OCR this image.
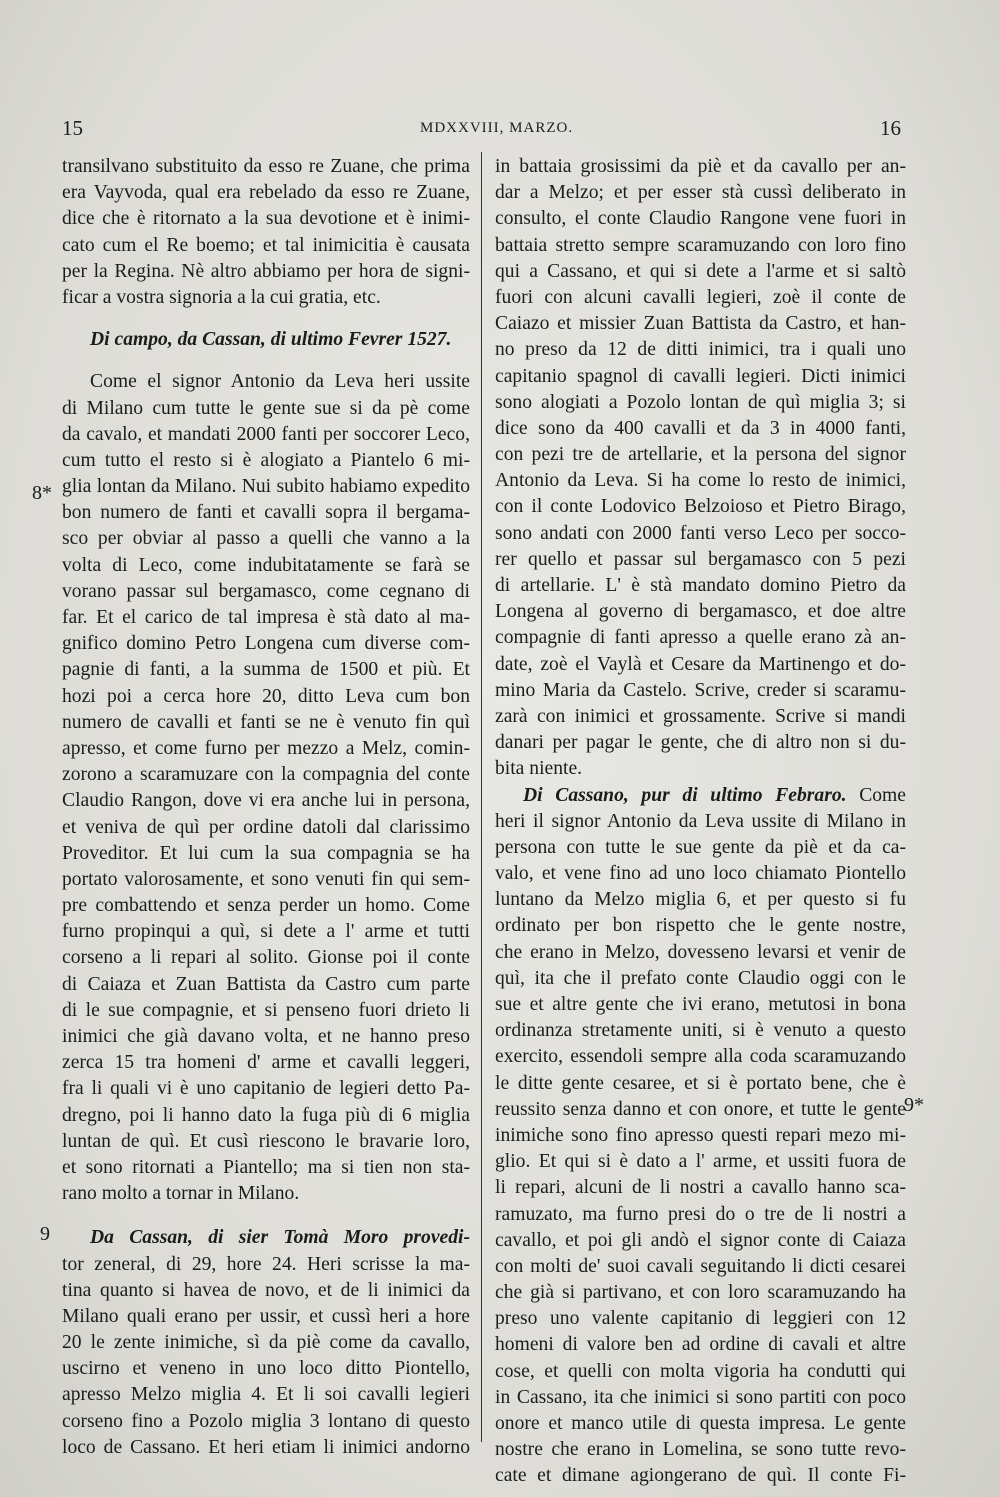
15	MDXXVIII, MARZO.	16
transilvano substituito da esso re Zuane, che prima
era Vayvoda, qual era rebelado da esso re Zuane,
dice che è ritornato a la sua devotione et è inimi-
cato cum el Re boemo; et tal inimicitia è causata
per la Regina. Nè altro abbiamo per hora de signi-
ficar a vostra signoria a la cui gratia, etc.
Di campo, da Cassan, di ultimo Fevrer 1527.
Come el signor Antonio da Leva heri ussite
di Milano cum tutte le gente sue si da pè come
da cavalo, et mandati 2000 fanti per soccorer Leco,
cum tutto el resto si è alogiato a Piantelo 6 mi-
glia lontan da Milano. Nui subito habiamo expedito
bon numero de fanti et cavalli sopra il bergama-
sco per obviar al passo a quelli che vanno a la
volta di Leco, come indubitatamente se farà se
vorano passar sul bergamasco, come cegnano di
far. Et el carico de tal impresa è stà dato al ma-
gnifico domino Petro Longena cum diverse com-
pagnie di fanti, a la summa de 1500 et più. Et
hozi poi a cerca hore 20, ditto Leva cum bon
numero de cavalli et fanti se ne è venuto fin quì
apresso, et come furno per mezzo a Melz, comin-
zorono a scaramuzare con la compagnia del conte
Claudio Rangon, dove vi era anche lui in persona,
et veniva de quì per ordine datoli dal clarissimo
Proveditor. Et lui cum la sua compagnia se ha
portato valorosamente, et sono venuti fin qui sem-
pre combattendo et senza perder un homo. Come
furno propinqui a quì, si dete a l' arme et tutti
corseno a li repari al solito. Gionse poi il conte
di Caiaza et Zuan Battista da Castro cum parte
di le sue compagnie, et si penseno fuori drieto li
inimici che già davano volta, et ne hanno preso
zerca 15 tra homeni d' arme et cavalli leggeri,
fra li quali vi è uno capitanio de legieri detto Pa-
dregno, poi li hanno dato la fuga più di 6 miglia
luntan de quì. Et cusì riescono le bravarie loro,
et sono ritornati a Piantello; ma si tien non sta-
rano molto a tornar in Milano.
Da Cassan, di sier Tomà Moro provedi-
tor zeneral, di 29, hore 24. Heri scrisse la ma-
tina quanto si havea de novo, et de li inimici da
Milano quali erano per ussir, et cussì heri a hore
20 le zente inimiche, sì da piè come da cavallo,
uscirno et veneno in uno loco ditto Piontello,
apresso Melzo miglia 4. Et li soi cavalli legieri
corseno fino a Pozolo miglia 3 lontano di questo
loco de Cassano. Et heri etiam li inimici andorno
in battaia grosissimi da piè et da cavallo per an-
dar a Melzo; et per esser stà cussì deliberato in
consulto, el conte Claudio Rangone vene fuori in
battaia stretto sempre scaramuzando con loro fino
qui a Cassano, et qui si dete a l'arme et si saltò
fuori con alcuni cavalli legieri, zoè il conte de
Caiazo et missier Zuan Battista da Castro, et han-
no preso da 12 de ditti inimici, tra i quali uno
capitanio spagnol di cavalli legieri. Dicti inimici
sono alogiati a Pozolo lontan de quì miglia 3; si
dice sono da 400 cavalli et da 3 in 4000 fanti,
con pezi tre de artellarie, et la persona del signor
Antonio da Leva. Si ha come lo resto de inimici,
con il conte Lodovico Belzoioso et Pietro Birago,
sono andati con 2000 fanti verso Leco per socco-
rer quello et passar sul bergamasco con 5 pezi
di artellarie. L' è stà mandato domino Pietro da
Longena al governo di bergamasco, et doe altre
compagnie di fanti apresso a quelle erano zà an-
date, zoè el Vaylà et Cesare da Martinengo et do-
mino Maria da Castelo. Scrive, creder si scaramu-
zarà con inimici et grossamente. Scrive si mandi
danari per pagar le gente, che di altro non si du-
bita niente.
Di Cassano, pur di ultimo Febraro. Come
heri il signor Antonio da Leva ussite di Milano in
persona con tutte le sue gente da piè et da ca-
valo, et vene fino ad uno loco chiamato Piontello
luntano da Melzo miglia 6, et per questo si fu
ordinato per bon rispetto che le gente nostre,
che erano in Melzo, dovesseno levarsi et venir de
quì, ita che il prefato conte Claudio oggi con le
sue et altre gente che ivi erano, metutosi in bona
ordinanza stretamente uniti, si è venuto a questo
exercito, essendoli sempre alla coda scaramuzando
le ditte gente cesaree, et si è portato bene, che è
reussito senza danno et con onore, et tutte le gente
inimiche sono fino apresso questi repari mezo mi-
glio. Et qui si è dato a l' arme, et ussiti fuora de
li repari, alcuni de li nostri a cavallo hanno sca-
ramuzato, ma furno presi do o tre de li nostri a
cavallo, et poi gli andò el signor conte di Caiaza
con molti de' suoi cavali seguitando li dicti cesarei
che già si partivano, et con loro scaramuzando ha
preso uno valente capitanio di leggieri con 12
homeni di valore ben ad ordine di cavali et altre
cose, et quelli con molta vigoria ha condutti qui
in Cassano, ita che inimici si sono partiti con poco
onore et manco utile di questa impresa. Le gente
nostre che erano in Lomelina, se sono tutte revo-
cate et dimane agiongerano de quì. Il conte Fi-
8*
9
9*
